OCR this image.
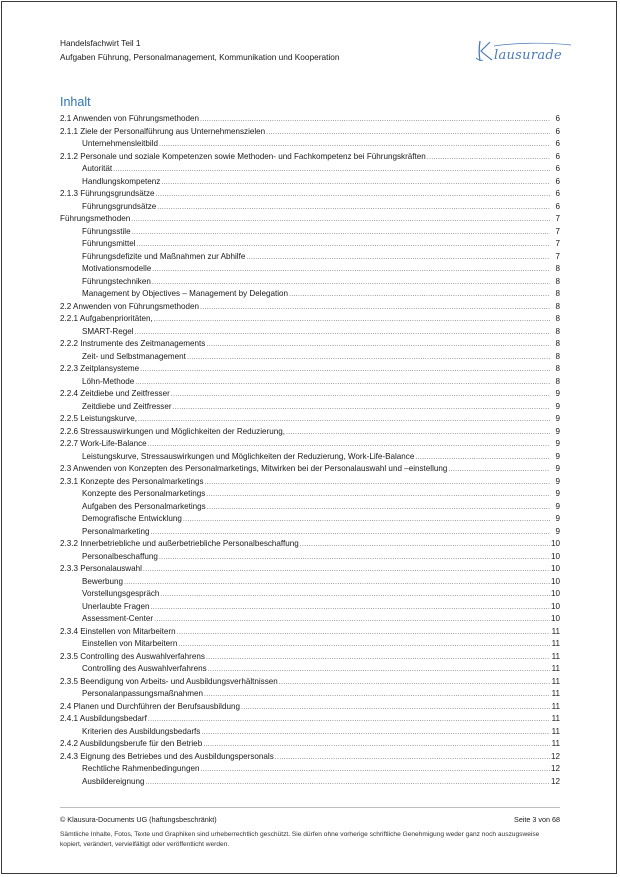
Handelsfachwirt Teil 1
Aufgaben Führung, Personalmanagement, Kommunikation und Kooperation	lausurade
Inhalt
2.1 Anwenden von Führungsmethoden .....	6
2.1.1 Ziele der Personalführung aus Unternehmenszielen .....	6
Unternehmensleitbild .....	6
2.1.2 Personale und soziale Kompetenzen sowie Methoden- und Fachkompetenz bei Führungskräften .....	6
Autorität .....	6
Handlungskompetenz .....	6
2.1.3 Führungsgrundsätze .....	6
Führungsgrundsätze .....	6
Führungsmethoden .....	7
Führungsstile .....	7
Führungsmittel .....	7
Führungsdefizite und Maßnahmen zur Abhilfe .....	7
Motivationsmodelle .....	8
Führungstechniken .....	8
Management by Objectives – Management by Delegation .....	8
2.2 Anwenden von Führungsmethoden .....	8
2.2.1 Aufgabenprioritäten, .....	8
SMART-Regel .....	8
2.2.2 Instrumente des Zeitmanagements .....	8
Zeit- und Selbstmanagement .....	8
2.2.3 Zeitplansysteme .....	8
Löhn-Methode .....	8
2.2.4 Zeitdiebe und Zeitfresser .....	9
Zeitdiebe und Zeitfresser .....	9
2.2.5 Leistungskurve, .....	9
2.2.6 Stressauswirkungen und Möglichkeiten der Reduzierung, .....	9
2.2.7 Work-Life-Balance .....	9
Leistungskurve, Stressauswirkungen und Möglichkeiten der Reduzierung, Work-Life-Balance .....	9
2.3 Anwenden von Konzepten des Personalmarketings, Mitwirken bei der Personalauswahl und –einstellung .....	9
2.3.1 Konzepte des Personalmarketings .....	9
Konzepte des Personalmarketings .....	9
Aufgaben des Personalmarketings .....	9
Demografische Entwicklung .....	9
Personalmarketing .....	9
2.3.2 Innerbetriebliche und außerbetriebliche Personalbeschaffung .....	10
Personalbeschaffung .....	10
2.3.3 Personalauswahl .....	10
Bewerbung .....	10
Vorstellungsgespräch .....	10
Unerlaubte Fragen .....	10
Assessment-Center .....	10
2.3.4 Einstellen von Mitarbeitern .....	11
Einstellen von Mitarbeitern .....	11
2.3.5 Controlling des Auswahlverfahrens .....	11
Controlling des Auswahlverfahrens .....	11
2.3.5 Beendigung von Arbeits- und Ausbildungsverhältnissen .....	11
Personalanpassungsmaßnahmen .....	11
2.4 Planen und Durchführen der Berufsausbildung .....	11
2.4.1 Ausbildungsbedarf .....	11
Kriterien des Ausbildungsbedarfs .....	11
2.4.2 Ausbildungsberufe für den Betrieb .....	11
2.4.3 Eignung des Betriebes und des Ausbildungspersonals .....	12
Rechtliche Rahmenbedingungen .....	12
Ausbildereignung .....	12
© Klausura-Documents UG (haftungsbeschränkt)	Seite 3 von 68
Sämtliche Inhalte, Fotos, Texte und Graphiken sind urheberrechtlich geschützt. Sie dürfen ohne vorherige schriftliche Genehmigung weder ganz noch auszugsweise kopiert, verändert, vervielfältigt oder veröffentlicht werden.
